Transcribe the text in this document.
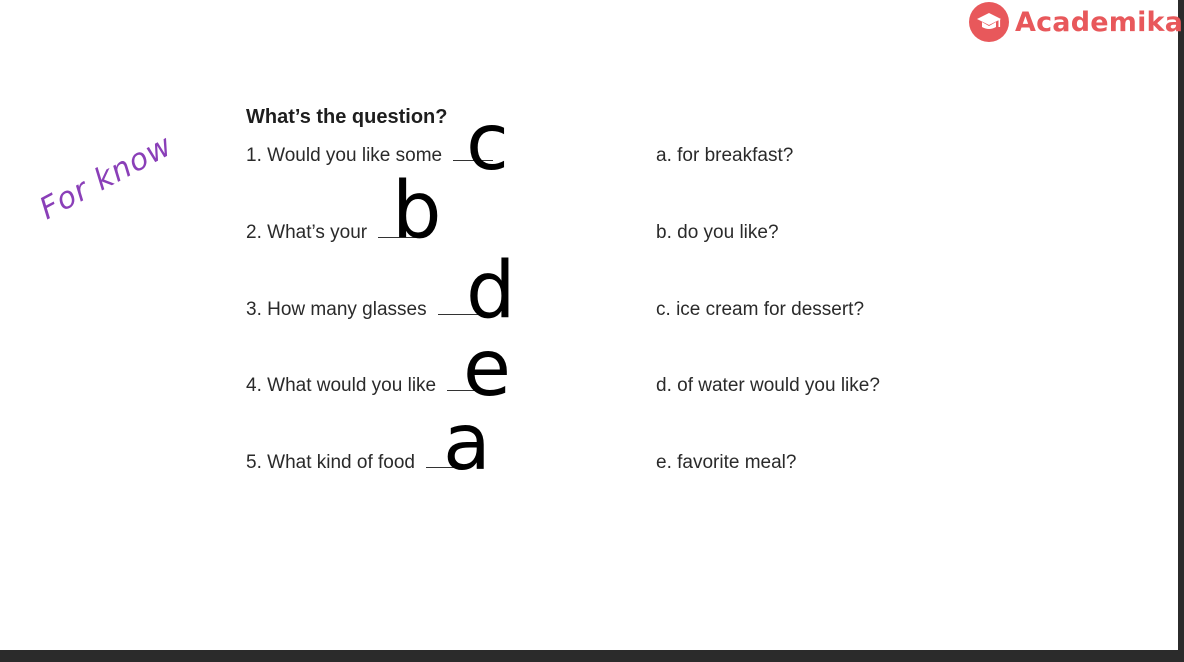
Academika
What’s the question?
1. Would you like some c
2. What’s your b
3. How many glasses d
4. What would you like e
5. What kind of food a
a. for breakfast?
b. do you like?
c. ice cream for dessert?
d. of water would you like?
e. favorite meal?
For know
